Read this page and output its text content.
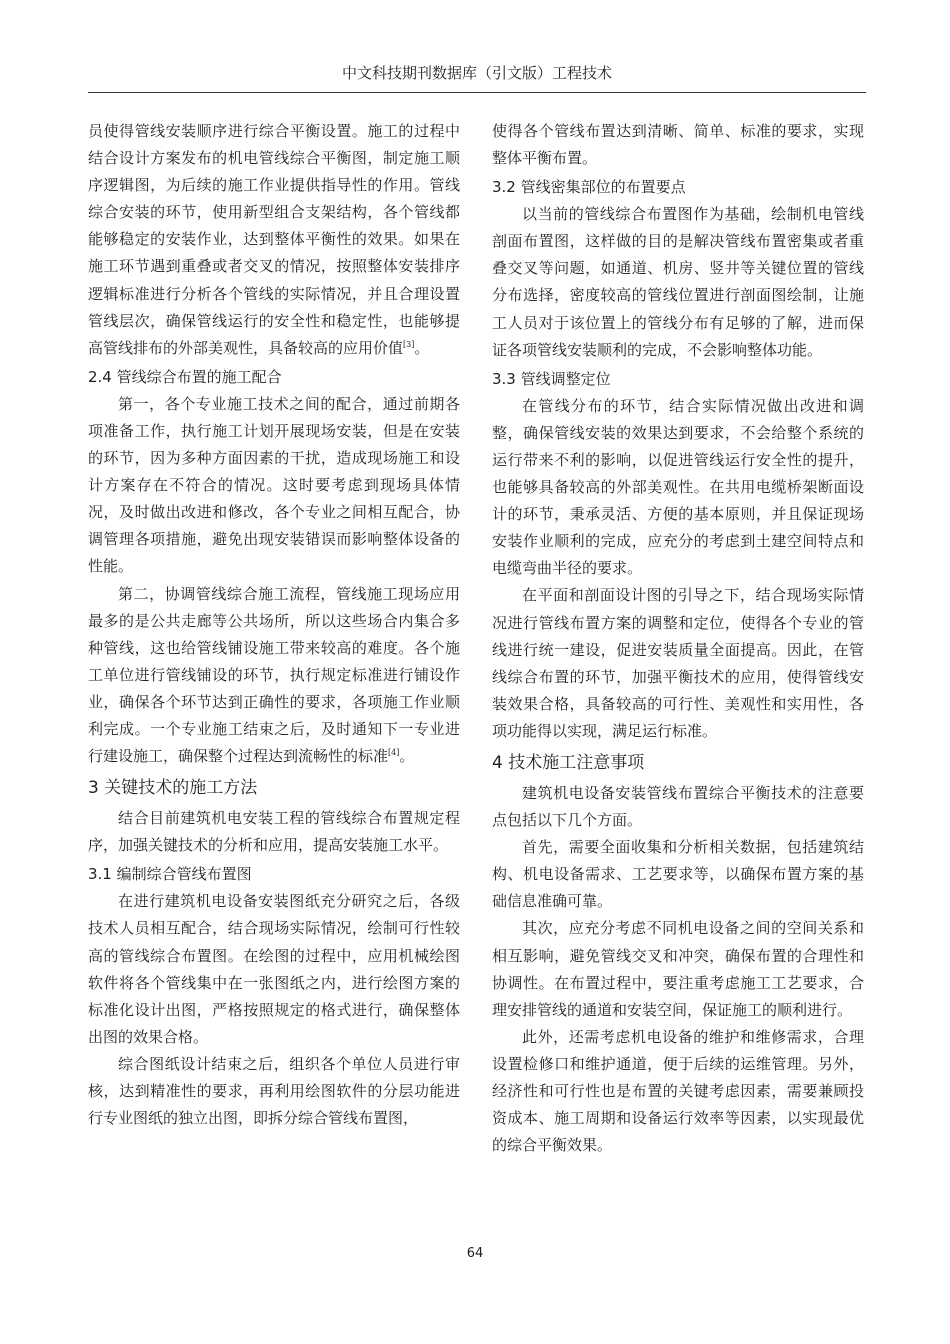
中文科技期刊数据库（引文版）工程技术

员使得管线安装顺序进行综合平衡设置。施工的过程中结合设计方案发布的机电管线综合平衡图，制定施工顺序逻辑图，为后续的施工作业提供指导性的作用。管线综合安装的环节，使用新型组合支架结构，各个管线都能够稳定的安装作业，达到整体平衡性的效果。如果在施工环节遇到重叠或者交叉的情况，按照整体安装排序逻辑标准进行分析各个管线的实际情况，并且合理设置管线层次，确保管线运行的安全性和稳定性，也能够提高管线排布的外部美观性，具备较高的应用价值[3]。

2.4 管线综合布置的施工配合

第一，各个专业施工技术之间的配合，通过前期各项准备工作，执行施工计划开展现场安装，但是在安装的环节，因为多种方面因素的干扰，造成现场施工和设计方案存在不符合的情况。这时要考虑到现场具体情况，及时做出改进和修改，各个专业之间相互配合，协调管理各项措施，避免出现安装错误而影响整体设备的性能。

第二，协调管线综合施工流程，管线施工现场应用最多的是公共走廊等公共场所，所以这些场合内集合多种管线，这也给管线铺设施工带来较高的难度。各个施工单位进行管线铺设的环节，执行规定标准进行铺设作业，确保各个环节达到正确性的要求，各项施工作业顺利完成。一个专业施工结束之后，及时通知下一专业进行建设施工，确保整个过程达到流畅性的标准[4]。

3 关键技术的施工方法

结合目前建筑机电安装工程的管线综合布置规定程序，加强关键技术的分析和应用，提高安装施工水平。

3.1 编制综合管线布置图

在进行建筑机电设备安装图纸充分研究之后，各级技术人员相互配合，结合现场实际情况，绘制可行性较高的管线综合布置图。在绘图的过程中，应用机械绘图软件将各个管线集中在一张图纸之内，进行绘图方案的标准化设计出图，严格按照规定的格式进行，确保整体出图的效果合格。

综合图纸设计结束之后，组织各个单位人员进行审核，达到精准性的要求，再利用绘图软件的分层功能进行专业图纸的独立出图，即拆分综合管线布置图，

使得各个管线布置达到清晰、简单、标准的要求，实现整体平衡布置。

3.2 管线密集部位的布置要点

以当前的管线综合布置图作为基础，绘制机电管线剖面布置图，这样做的目的是解决管线布置密集或者重叠交叉等问题，如通道、机房、竖井等关键位置的管线分布选择，密度较高的管线位置进行剖面图绘制，让施工人员对于该位置上的管线分布有足够的了解，进而保证各项管线安装顺利的完成，不会影响整体功能。

3.3 管线调整定位

在管线分布的环节，结合实际情况做出改进和调整，确保管线安装的效果达到要求，不会给整个系统的运行带来不利的影响，以促进管线运行安全性的提升，也能够具备较高的外部美观性。在共用电缆桥架断面设计的环节，秉承灵活、方便的基本原则，并且保证现场安装作业顺利的完成，应充分的考虑到土建空间特点和电缆弯曲半径的要求。

在平面和剖面设计图的引导之下，结合现场实际情况进行管线布置方案的调整和定位，使得各个专业的管线进行统一建设，促进安装质量全面提高。因此，在管线综合布置的环节，加强平衡技术的应用，使得管线安装效果合格，具备较高的可行性、美观性和实用性，各项功能得以实现，满足运行标准。

4 技术施工注意事项

建筑机电设备安装管线布置综合平衡技术的注意要点包括以下几个方面。

首先，需要全面收集和分析相关数据，包括建筑结构、机电设备需求、工艺要求等，以确保布置方案的基础信息准确可靠。

其次，应充分考虑不同机电设备之间的空间关系和相互影响，避免管线交叉和冲突，确保布置的合理性和协调性。在布置过程中，要注重考虑施工工艺要求，合理安排管线的通道和安装空间，保证施工的顺利进行。

此外，还需考虑机电设备的维护和维修需求，合理设置检修口和维护通道，便于后续的运维管理。另外，经济性和可行性也是布置的关键考虑因素，需要兼顾投资成本、施工周期和设备运行效率等因素，以实现最优的综合平衡效果。

64
